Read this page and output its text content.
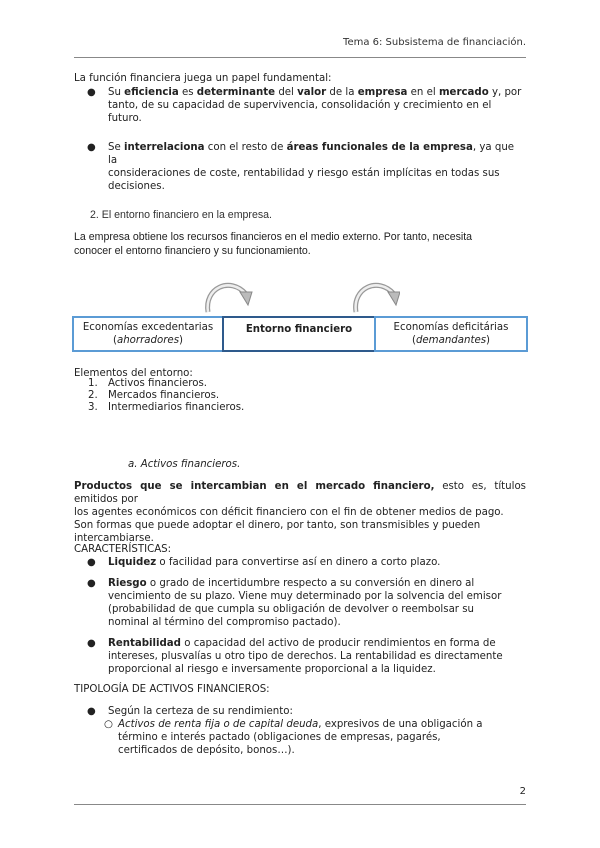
Tema 6: Subsistema de financiación.
La función financiera juega un papel fundamental:
● Su eficiencia es determinante del valor de la empresa en el mercado y, por
tanto, de su capacidad de supervivencia, consolidación y crecimiento en el
futuro.
● Se interrelaciona con el resto de áreas funcionales de la empresa, ya que la
consideraciones de coste, rentabilidad y riesgo están implícitas en todas sus
decisiones.
2. El entorno financiero en la empresa.
La empresa obtiene los recursos financieros en el medio externo. Por tanto, necesita
conocer el entorno financiero y su funcionamiento.
Economías excedentarias
(ahorradores)
Entorno financiero	Economías deficitárias
(demandantes)
Elementos del entorno:
1. Activos financieros.
2. Mercados financieros.
3. Intermediarios financieros.
a. Activos financieros.
Productos que se intercambian en el mercado financiero, esto es, títulos emitidos por
los agentes económicos con déficit financiero con el fin de obtener medios de pago.
Son formas que puede adoptar el dinero, por tanto, son transmisibles y pueden
intercambiarse.
CARACTERÍSTICAS:
● Liquidez o facilidad para convertirse así en dinero a corto plazo.
● Riesgo o grado de incertidumbre respecto a su conversión en dinero al
vencimiento de su plazo. Viene muy determinado por la solvencia del emisor
(probabilidad de que cumpla su obligación de devolver o reembolsar su
nominal al término del compromiso pactado).
● Rentabilidad o capacidad del activo de producir rendimientos en forma de
intereses, plusvalías u otro tipo de derechos. La rentabilidad es directamente
proporcional al riesgo e inversamente proporcional a la liquidez.
TIPOLOGÍA DE ACTIVOS FINANCIEROS:
● Según la certeza de su rendimiento:
○ Activos de renta fija o de capital deuda, expresivos de una obligación a
término e interés pactado (obligaciones de empresas, pagarés,
certificados de depósito, bonos…).
2
